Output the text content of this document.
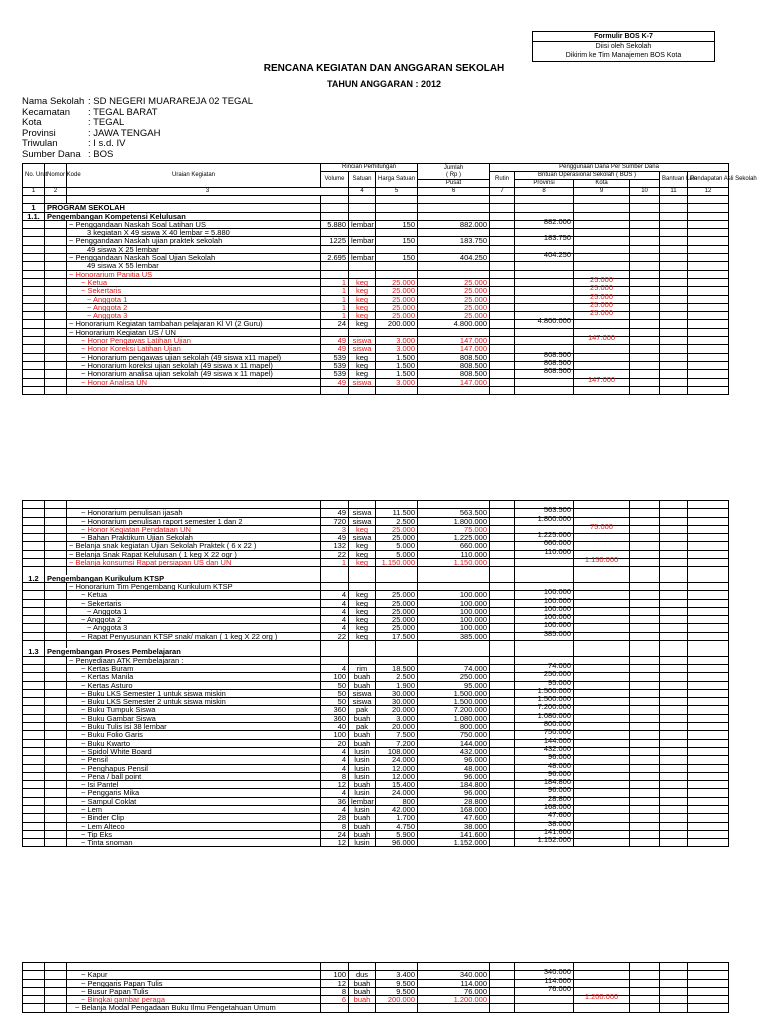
Formulir BOS K-7
Diisi oleh Sekolah
Dikirim ke Tim Manajemen BOS Kota
RENCANA KEGIATAN DAN ANGGARAN SEKOLAH
TAHUN ANGGARAN : 2012
Nama Sekolah : SD NEGERI MUARAREJA 02 TEGAL
Kecamatan	: TEGAL BARAT
Kota	: TEGAL
Provinsi	: JAWA TENGAH
Triwulan	: I s.d. IV
Sumber Dana : BOS
No. Urut	Nomor Kode	Uraian Kegiatan	Rincian Perhitungan			Jumlah
( Rp )	Penggunaan Dana Per Sumber Dana					
			Volume	Satuan	Harga Satuan		Rutin	Bntuan Operasional Sekolah ( BOS )			Bantuan Lain	Pendapatan Asli Sekolah
						Pusat		Provinsi	Kota			
1	2	3		4	5	6	7	8	9	10	11	12

1	PROGRAM SEKOLAH											
1.1.	Pengembangan Kompetensi Kelulusan											
		~ Penggandaan Naskah Soal Latihan US	5.880	lembar	150	882.000		882.000				
		3 kegiatan X 49 siswa X 40 lembar = 5.880										
		~ Penggandaan Naskah ujian praktek sekolah	1225	lembar	150	183.750		183.750				
		49 siswa X 25 lembar										
		~ Penggandaan Naskah Soal Ujian Sekolah	2.695	lembar	150	404.250		404.250				
		49 siswa X 55 lembar										
		~ Honorarium Panitia US										
		~ Ketua	1	keg	25.000	25.000			25.000			
		~ Sekertaris	1	keg	25.000	25.000			25.000			
		~ Anggota 1	1	keg	25.000	25.000			25.000			
		~ Anggota 2	1	keg	25.000	25.000			25.000			
		~ Anggota 3	1	keg	25.000	25.000			25.000			
		~ Honorarium Kegiatan tambahan pelajaran Kl VI (2 Guru)	24	keg	200.000	4.800.000		4.800.000				
		~ Honorarium Kegiatan US / UN										
		~ Honor Pengawas Latihan Ujian	49	siswa	3.000	147.000			147.000			
		~ Honor Koreksi Latihan Ujian	49	siswa	3.000	147.000						
		~ Honorarium pengawas ujian sekolah (49 siswa x11 mapel)	539	keg	1.500	808.500		808.500				
		~ Honorarium koreksi ujian sekolah (49 siswa x 11 mapel)	539	keg	1.500	808.500		808.500				
		~ Honorarium analisa ujian sekolah (49 siswa x 11 mapel)	539	keg	1.500	808.500		808.500				
		~ Honor Analisa UN	49	siswa	3.000	147.000			147.000			

		~ Honorarium penulisan ijasah	49	siswa	11.500	563.500		563.500				
		~ Honorarium penulisan raport semester 1 dan 2	720	siswa	2.500	1.800.000		1.800.000				
		~ Honor Kegiatan Pendataan UN	3	keg	25.000	75.000			75.000			
		~ Bahan Praktikum Ujian Sekolah	49	siswa	25.000	1.225.000		1.225.000				
		~ Belanja snak kegiatan Ujian Sekolah Praktek ( 6 x 22 )	132	keg	5.000	660.000		660.000				
		~ Belanja Snak Rapat Kelulusan ( 1 keg X 22 ogr )	22	keg	5.000	110.000		110.000				
		~ Belanja konsumsi Rapat persiapan US dan UN	1	keg	1.150.000	1.150.000			1.150.000			

1.2	Pengembangan Kurikulum KTSP											
		~ Honorarium Tim Pengembang Kurikulum KTSP										
		~ Ketua	4	keg	25.000	100.000		100.000				
		~ Sekertaris	4	keg	25.000	100.000		100.000				
		~ Anggota 1	4	keg	25.000	100.000		100.000				
		~ Anggota 2	4	keg	25.000	100.000		100.000				
		~ Anggota 3	4	keg	25.000	100.000		100.000				
		~ Rapat Penyusunan KTSP snak/ makan ( 1 keg X 22 org )	22	keg	17.500	385.000		385.000				

1.3	Pengembangan Proses Pembelajaran											
		~ Penyediaan ATK Pembelajaran :										
		~ Kertas Buram	4	rim	18.500	74.000		74.000				
		~ Kertas Manila	100	buah	2.500	250.000		250.000				
		~ Kertas Asturo	50	buah	1.900	95.000		95.000				
		~ Buku LKS Semester 1 untuk siswa miskin	50	siswa	30.000	1.500.000		1.500.000				
		~ Buku LKS Semester 2 untuk siswa miskin	50	siswa	30.000	1.500.000		1.500.000				
		~ Buku Tumpuk Siswa	360	pak	20.000	7.200.000		7.200.000				
		~ Buku Gambar Siswa	360	buah	3.000	1.080.000		1.080.000				
		~ Buku Tulis isi 38 lembar	40	pak	20.000	800.000		800.000				
		~ Buku Folio Garis	100	buah	7.500	750.000		750.000				
		~ Buku Kwarto	20	buah	7.200	144.000		144.000				
		~ Spidol White Board	4	lusin	108.000	432.000		432.000				
		~ Pensil	4	lusin	24.000	96.000		96.000				
		~ Penghapus Pensil	4	lusin	12.000	48.000		48.000				
		~ Pena / ball point	8	lusin	12.000	96.000		96.000				
		~ Isi Pantel	12	buah	15.400	184.800		184.800				
		~ Penggaris Mika	4	lusin	24.000	96.000		96.000				
		~ Sampul Coklat	36	lembar	800	28.800		28.800				
		~ Lem	4	lusin	42.000	168.000		168.000				
		~ Binder Clip	28	buah	1.700	47.600		47.600				
		~ Lem Alteco	8	buah	4.750	38.000		38.000				
		~ Tip Eks	24	buah	5.900	141.600		141.600				
		~ Tinta snoman	12	lusin	96.000	1.152.000		1.152.000				

		~ Kapur	100	dus	3.400	340.000		340.000				
		~ Penggaris Papan Tulis	12	buah	9.500	114.000		114.000				
		~ Busur Papan Tulis	8	buah	9.500	76.000		76.000				
		~ Bingkai gambar peraga	6	buah	200.000	1.200.000			1.200.000			
		~ Belanja Modal Pengadaan Buku Ilmu Pengetahuan Umum										
